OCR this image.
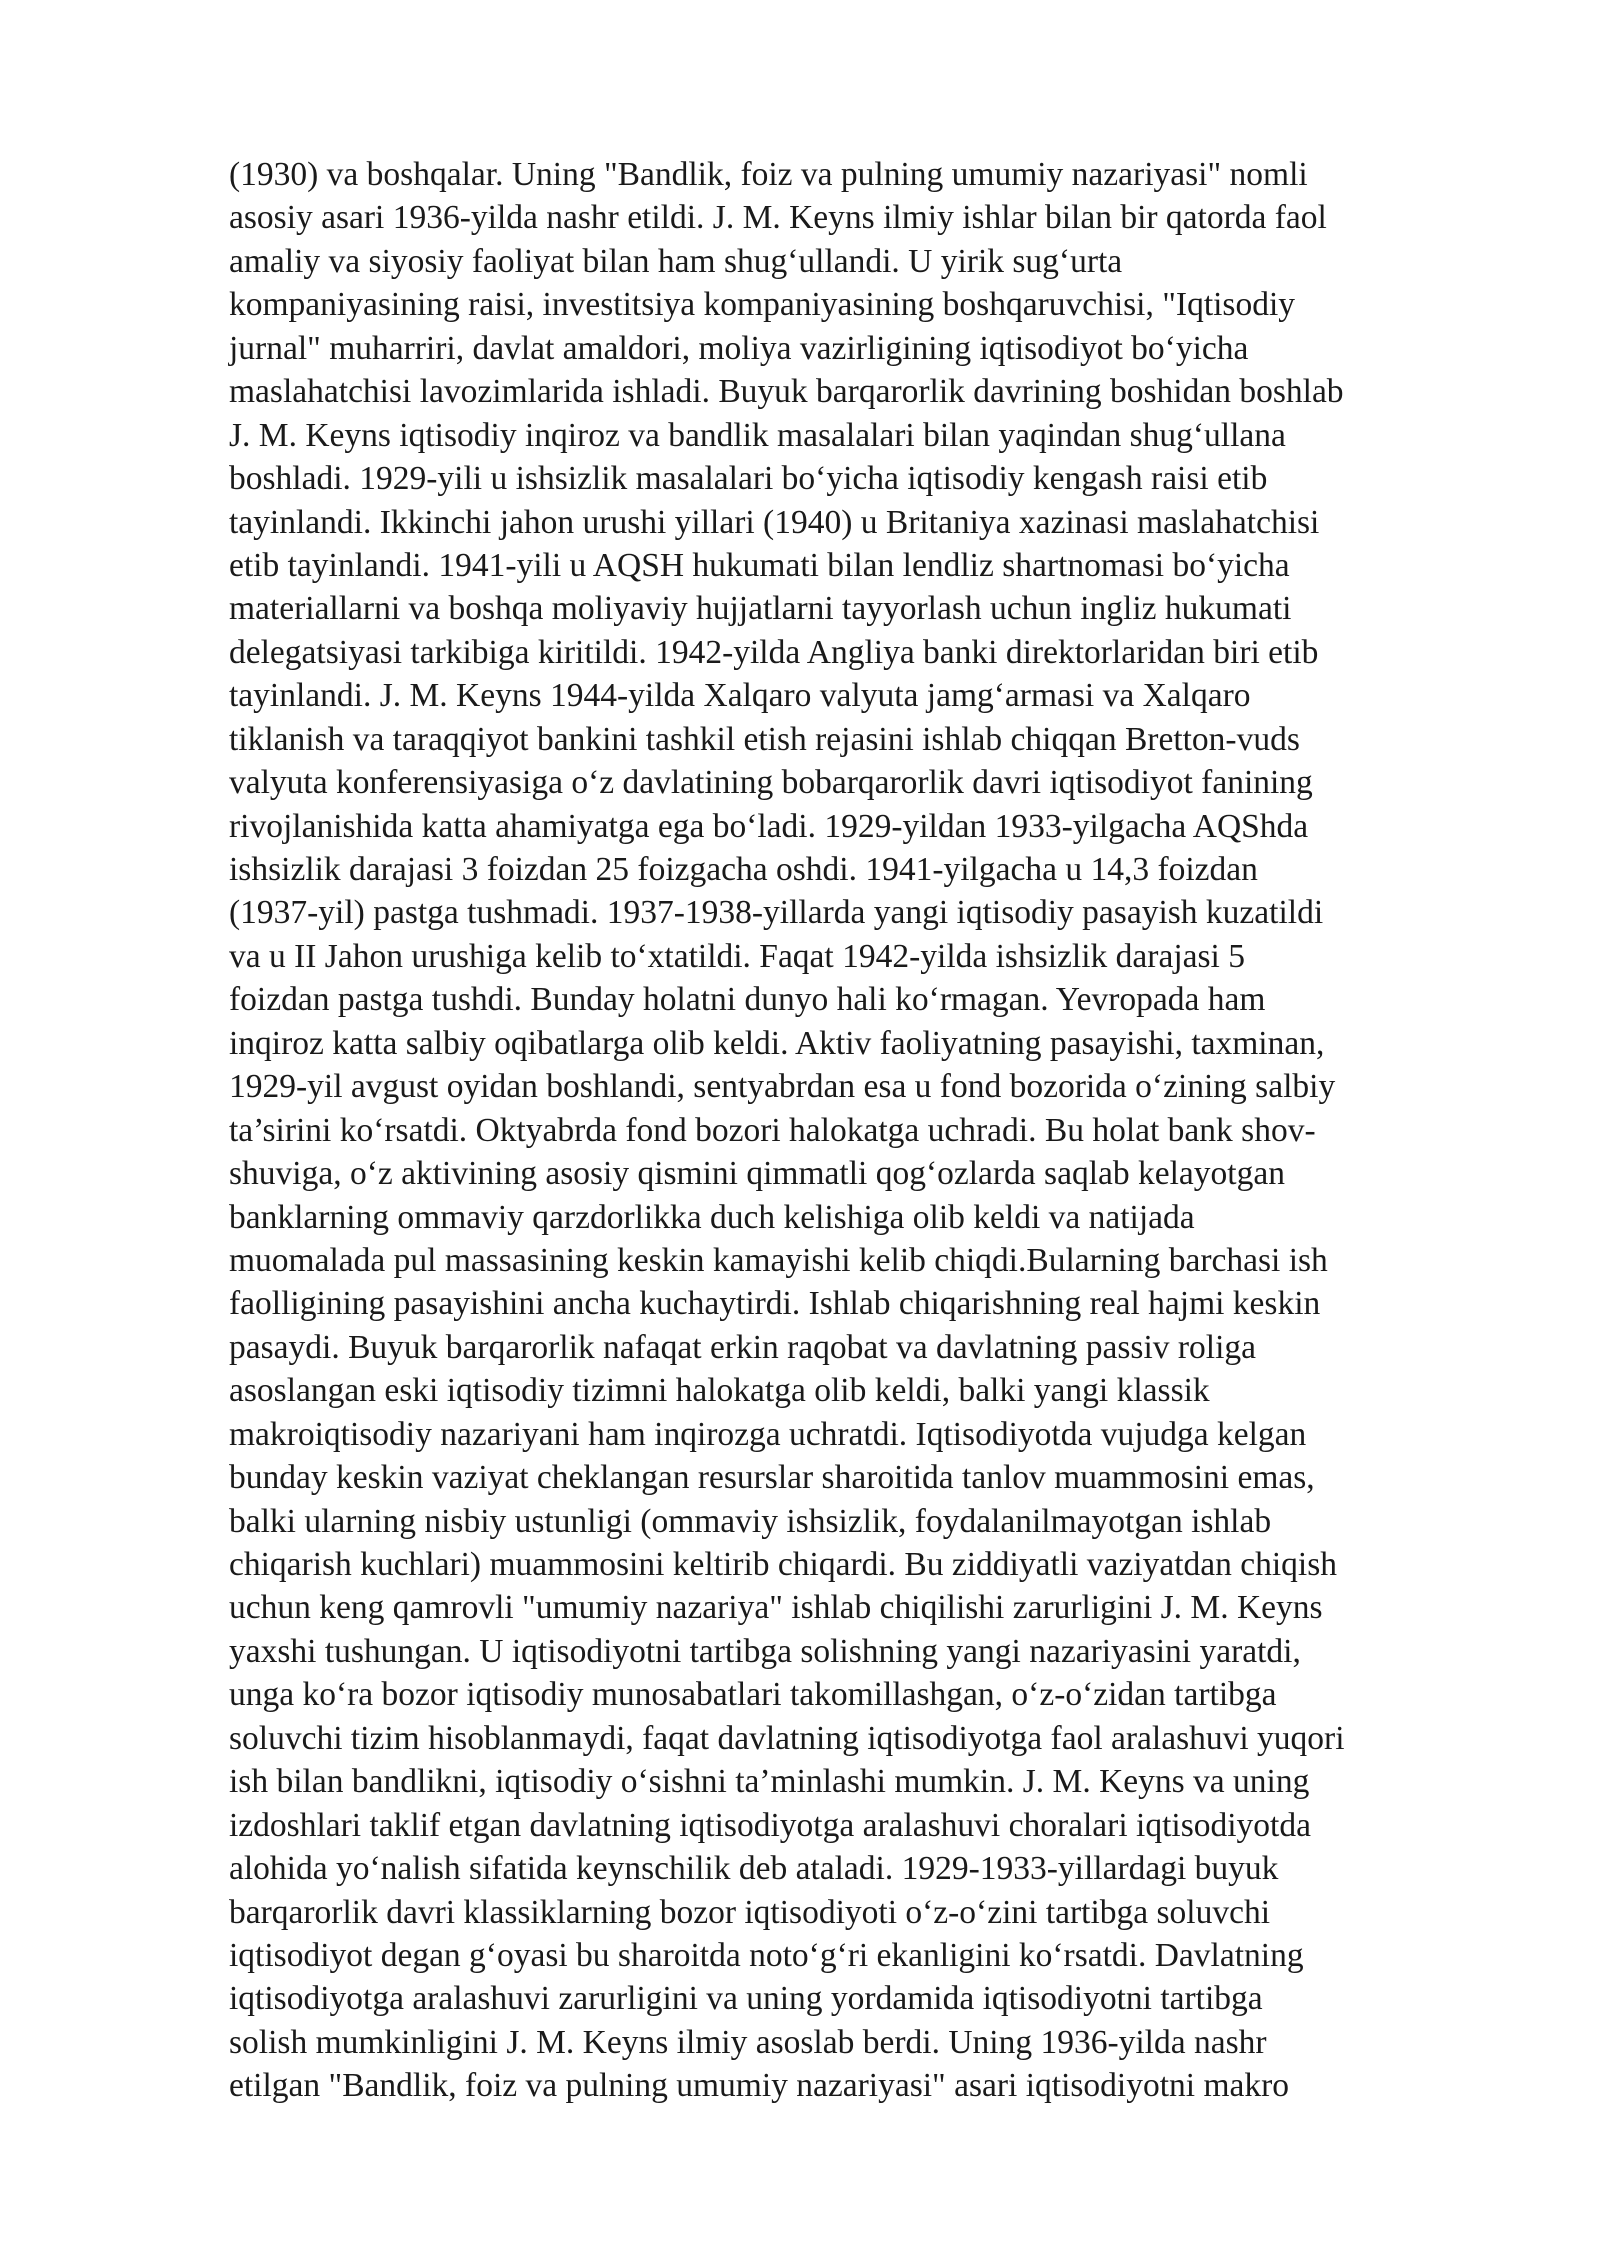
(1930) va boshqalar. Uning "Bandlik, foiz va pulning umumiy nazariyasi" nomli

asosiy asari 1936-yilda nashr etildi. J. M. Keyns ilmiy ishlar bilan bir qatorda faol

amaliy va siyosiy faoliyat bilan ham shug‘ullandi. U yirik sug‘urta

kompaniyasining raisi, investitsiya kompaniyasining boshqaruvchisi, "Iqtisodiy

jurnal" muharriri, davlat amaldori, moliya vazirligining iqtisodiyot bo‘yicha

maslahatchisi lavozimlarida ishladi. Buyuk barqarorlik davrining boshidan boshlab

J. M. Keyns iqtisodiy inqiroz va bandlik masalalari bilan yaqindan shug‘ullana

boshladi. 1929-yili u ishsizlik masalalari bo‘yicha iqtisodiy kengash raisi etib

tayinlandi. Ikkinchi jahon urushi yillari (1940) u Britaniya xazinasi maslahatchisi

etib tayinlandi. 1941-yili u AQSH hukumati bilan lendliz shartnomasi bo‘yicha

materiallarni va boshqa moliyaviy hujjatlarni tayyorlash uchun ingliz hukumati

delegatsiyasi tarkibiga kiritildi. 1942-yilda Angliya banki direktorlaridan biri etib

tayinlandi. J. M. Keyns 1944-yilda Xalqaro valyuta jamg‘armasi va Xalqaro

tiklanish va taraqqiyot bankini tashkil etish rejasini ishlab chiqqan Bretton-vuds

valyuta konferensiyasiga o‘z davlatining bobarqarorlik davri iqtisodiyot fanining

rivojlanishida katta ahamiyatga ega bo‘ladi. 1929-yildan 1933-yilgacha AQShda

ishsizlik darajasi 3 foizdan 25 foizgacha oshdi. 1941-yilgacha u 14,3 foizdan

(1937-yil) pastga tushmadi. 1937-1938-yillarda yangi iqtisodiy pasayish kuzatildi

va u II Jahon urushiga kelib to‘xtatildi. Faqat 1942-yilda ishsizlik darajasi 5

foizdan pastga tushdi. Bunday holatni dunyo hali ko‘rmagan. Yevropada ham

inqiroz katta salbiy oqibatlarga olib keldi. Aktiv faoliyatning pasayishi, taxminan,

1929-yil avgust oyidan boshlandi, sentyabrdan esa u fond bozorida o‘zining salbiy

ta’sirini ko‘rsatdi. Oktyabrda fond bozori halokatga uchradi. Bu holat bank shov-

shuviga, o‘z aktivining asosiy qismini qimmatli qog‘ozlarda saqlab kelayotgan

banklarning ommaviy qarzdorlikka duch kelishiga olib keldi va natijada

muomalada pul massasining keskin kamayishi kelib chiqdi.Bularning barchasi ish

faolligining pasayishini ancha kuchaytirdi. Ishlab chiqarishning real hajmi keskin

pasaydi. Buyuk barqarorlik nafaqat erkin raqobat va davlatning passiv roliga

asoslangan eski iqtisodiy tizimni halokatga olib keldi, balki yangi klassik

makroiqtisodiy nazariyani ham inqirozga uchratdi. Iqtisodiyotda vujudga kelgan

bunday keskin vaziyat cheklangan resurslar sharoitida tanlov muammosini emas,

balki ularning nisbiy ustunligi (ommaviy ishsizlik, foydalanilmayotgan ishlab

chiqarish kuchlari) muammosini keltirib chiqardi. Bu ziddiyatli vaziyatdan chiqish

uchun keng qamrovli "umumiy nazariya" ishlab chiqilishi zarurligini J. M. Keyns

yaxshi tushungan. U iqtisodiyotni tartibga solishning yangi nazariyasini yaratdi,

unga ko‘ra bozor iqtisodiy munosabatlari takomillashgan, o‘z-o‘zidan tartibga

soluvchi tizim hisoblanmaydi, faqat davlatning iqtisodiyotga faol aralashuvi yuqori

ish bilan bandlikni, iqtisodiy o‘sishni ta’minlashi mumkin. J. M. Keyns va uning

izdoshlari taklif etgan davlatning iqtisodiyotga aralashuvi choralari iqtisodiyotda

alohida yo‘nalish sifatida keynschilik deb ataladi. 1929-1933-yillardagi buyuk

barqarorlik davri klassiklarning bozor iqtisodiyoti o‘z-o‘zini tartibga soluvchi

iqtisodiyot degan g‘oyasi bu sharoitda noto‘g‘ri ekanligini ko‘rsatdi. Davlatning

iqtisodiyotga aralashuvi zarurligini va uning yordamida iqtisodiyotni tartibga

solish mumkinligini J. M. Keyns ilmiy asoslab berdi. Uning 1936-yilda nashr

etilgan "Bandlik, foiz va pulning umumiy nazariyasi" asari iqtisodiyotni makro
